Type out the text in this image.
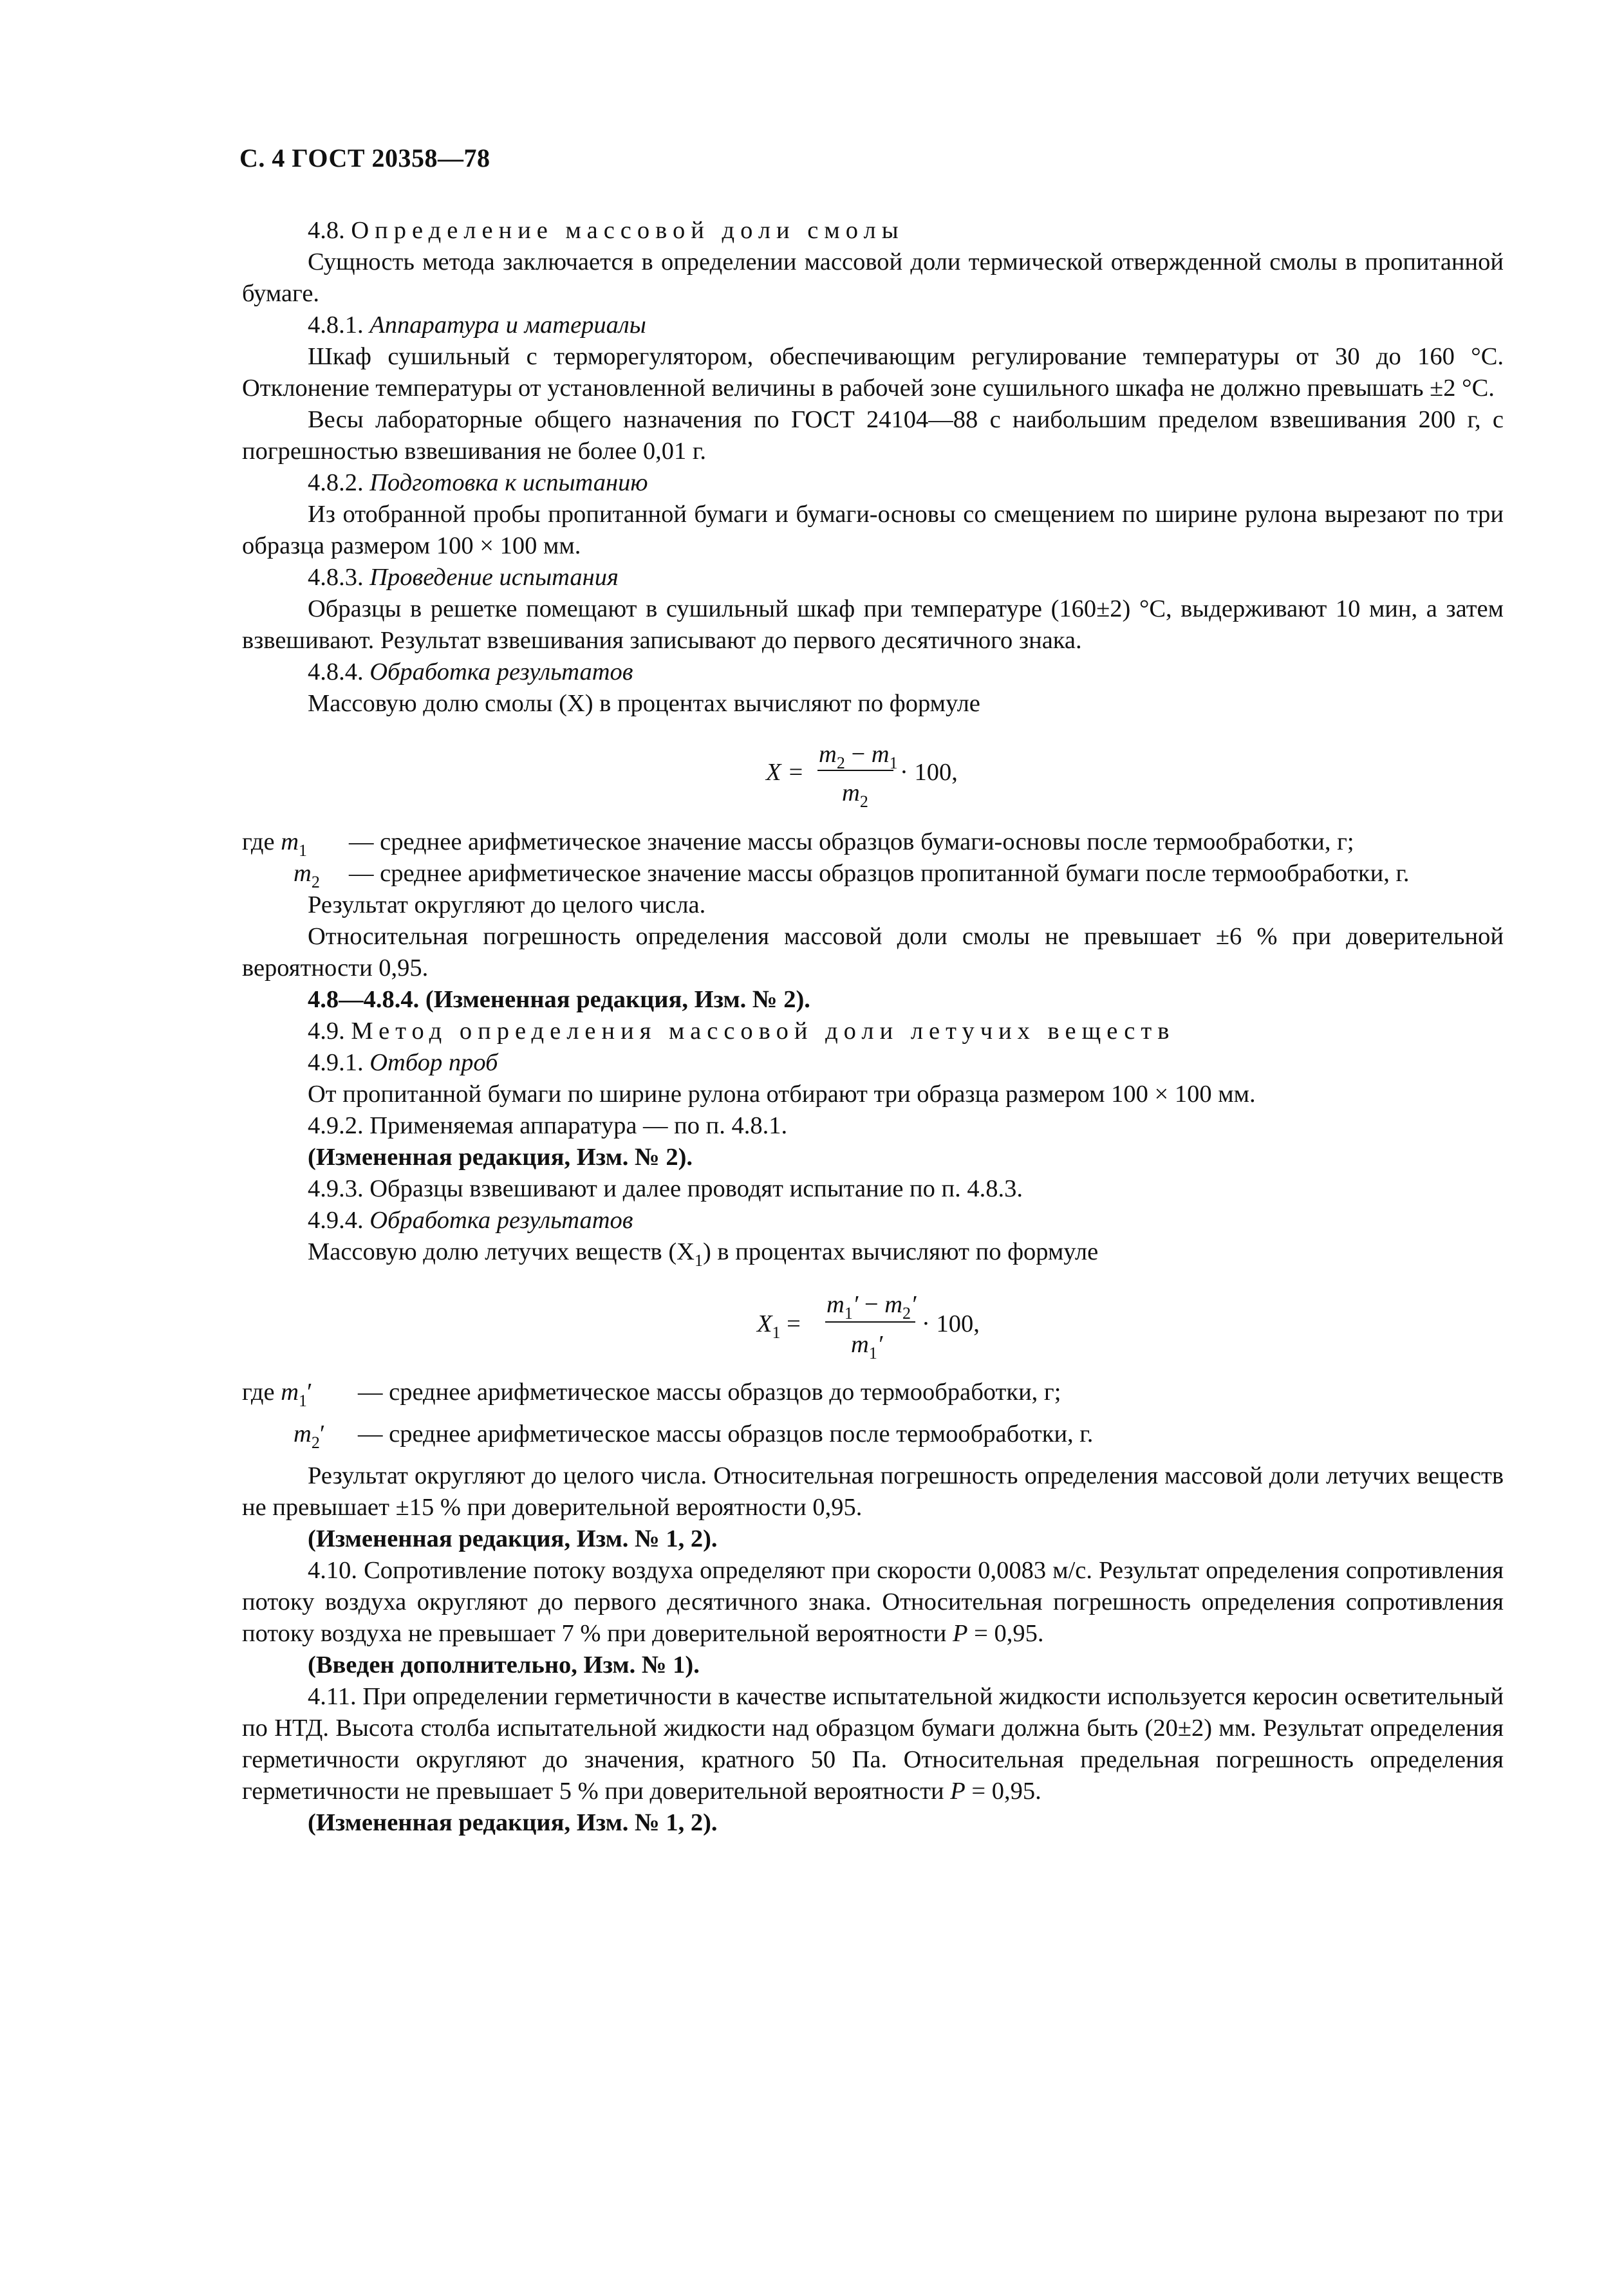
С. 4 ГОСТ 20358—78

4.8. Определение массовой доли смолы

Сущность метода заключается в определении массовой доли термической отвержденной смолы в пропитанной бумаге.

4.8.1. Аппаратура и материалы

Шкаф сушильный с терморегулятором, обеспечивающим регулирование температуры от 30 до 160 °С. Отклонение температуры от установленной величины в рабочей зоне сушильного шкафа не должно превышать ±2 °С.

Весы лабораторные общего назначения по ГОСТ 24104—88 с наибольшим пределом взвешивания 200 г, с погрешностью взвешивания не более 0,01 г.

4.8.2. Подготовка к испытанию

Из отобранной пробы пропитанной бумаги и бумаги-основы со смещением по ширине рулона вырезают по три образца размером 100 × 100 мм.

4.8.3. Проведение испытания

Образцы в решетке помещают в сушильный шкаф при температуре (160±2) °С, выдерживают 10 мин, а затем взвешивают. Результат взвешивания записывают до первого десятичного знака.

4.8.4. Обработка результатов

Массовую долю смолы (X) в процентах вычисляют по формуле

X =
$m_2 - m_1$
$m_2$
· 100,

где $m_1$ — среднее арифметическое значение массы образцов бумаги-основы после термообработки, г;

$m_2$ — среднее арифметическое значение массы образцов пропитанной бумаги после термообработки, г.

Результат округляют до целого числа.

Относительная погрешность определения массовой доли смолы не превышает ±6 % при доверительной вероятности 0,95.

4.8—4.8.4. (Измененная редакция, Изм. № 2).

4.9. Метод определения массовой доли летучих веществ

4.9.1. Отбор проб

От пропитанной бумаги по ширине рулона отбирают три образца размером 100 × 100 мм.

4.9.2. Применяемая аппаратура — по п. 4.8.1.

(Измененная редакция, Изм. № 2).

4.9.3. Образцы взвешивают и далее проводят испытание по п. 4.8.3.

4.9.4. Обработка результатов

Массовую долю летучих веществ $(X_1)$ в процентах вычисляют по формуле

$X_1$ =
$m_1' - m_2'$
$m_1'$
· 100,

где $m_1'$ — среднее арифметическое массы образцов до термообработки, г;

$m_2'$ — среднее арифметическое массы образцов после термообработки, г.

Результат округляют до целого числа. Относительная погрешность определения массовой доли летучих веществ не превышает ±15 % при доверительной вероятности 0,95.

(Измененная редакция, Изм. № 1, 2).

4.10. Сопротивление потоку воздуха определяют при скорости 0,0083 м/с. Результат определения сопротивления потоку воздуха округляют до первого десятичного знака. Относительная погрешность определения сопротивления потоку воздуха не превышает 7 % при доверительной вероятности P = 0,95.

(Введен дополнительно, Изм. № 1).

4.11. При определении герметичности в качестве испытательной жидкости используется керосин осветительный по НТД. Высота столба испытательной жидкости над образцом бумаги должна быть (20±2) мм. Результат определения герметичности округляют до значения, кратного 50 Па. Относительная предельная погрешность определения герметичности не превышает 5 % при доверительной вероятности P = 0,95.

(Измененная редакция, Изм. № 1, 2).
